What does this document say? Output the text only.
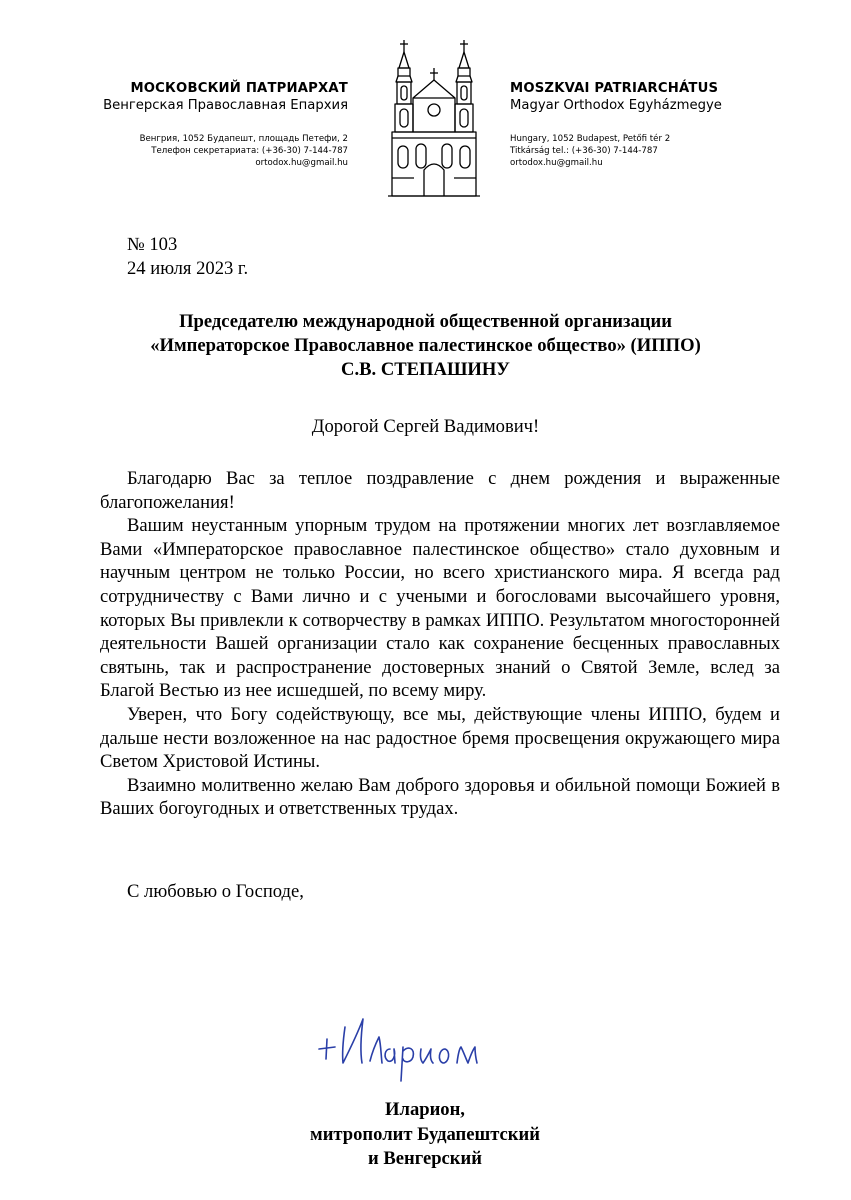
МОСКОВСКИЙ ПАТРИАРХАТ
Венгерская Православная Епархия
Венгрия, 1052 Будапешт, площадь Петефи, 2
Телефон секретариата: (+36-30) 7-144-787
ortodox.hu@gmail.hu
MOSZKVAI PATRIARCHÁTUS
Magyar Orthodox Egyházmegye
Hungary, 1052 Budapest, Petőfi tér 2
Titkárság tel.: (+36-30) 7-144-787
ortodox.hu@gmail.hu
№ 103
24 июля 2023 г.
Председателю международной общественной организации
«Императорское Православное палестинское общество» (ИППО)
С.В. СТЕПАШИНУ
Дорогой Сергей Вадимович!

Благодарю Вас за теплое поздравление с днем рождения и выраженные благопожелания!

Вашим неустанным упорным трудом на протяжении многих лет возглавляемое Вами «Императорское православное палестинское общество» стало духовным и научным центром не только России, но всего христианского мира. Я всегда рад сотрудничеству с Вами лично и с учеными и богословами высочайшего уровня, которых Вы привлекли к сотворчеству в рамках ИППО. Результатом многосторонней деятельности Вашей организации стало как сохранение бесценных православных святынь, так и распространение достоверных знаний о Святой Земле, вслед за Благой Вестью из нее исшедшей, по всему миру.

Уверен, что Богу содействующу, все мы, действующие члены ИППО, будем и дальше нести возложенное на нас радостное бремя просвещения окружающего мира Светом Христовой Истины.

Взаимно молитвенно желаю Вам доброго здоровья и обильной помощи Божией в Ваших богоугодных и ответственных трудах.

С любовью о Господе,
Иларион,
митрополит Будапештский
и Венгерский
